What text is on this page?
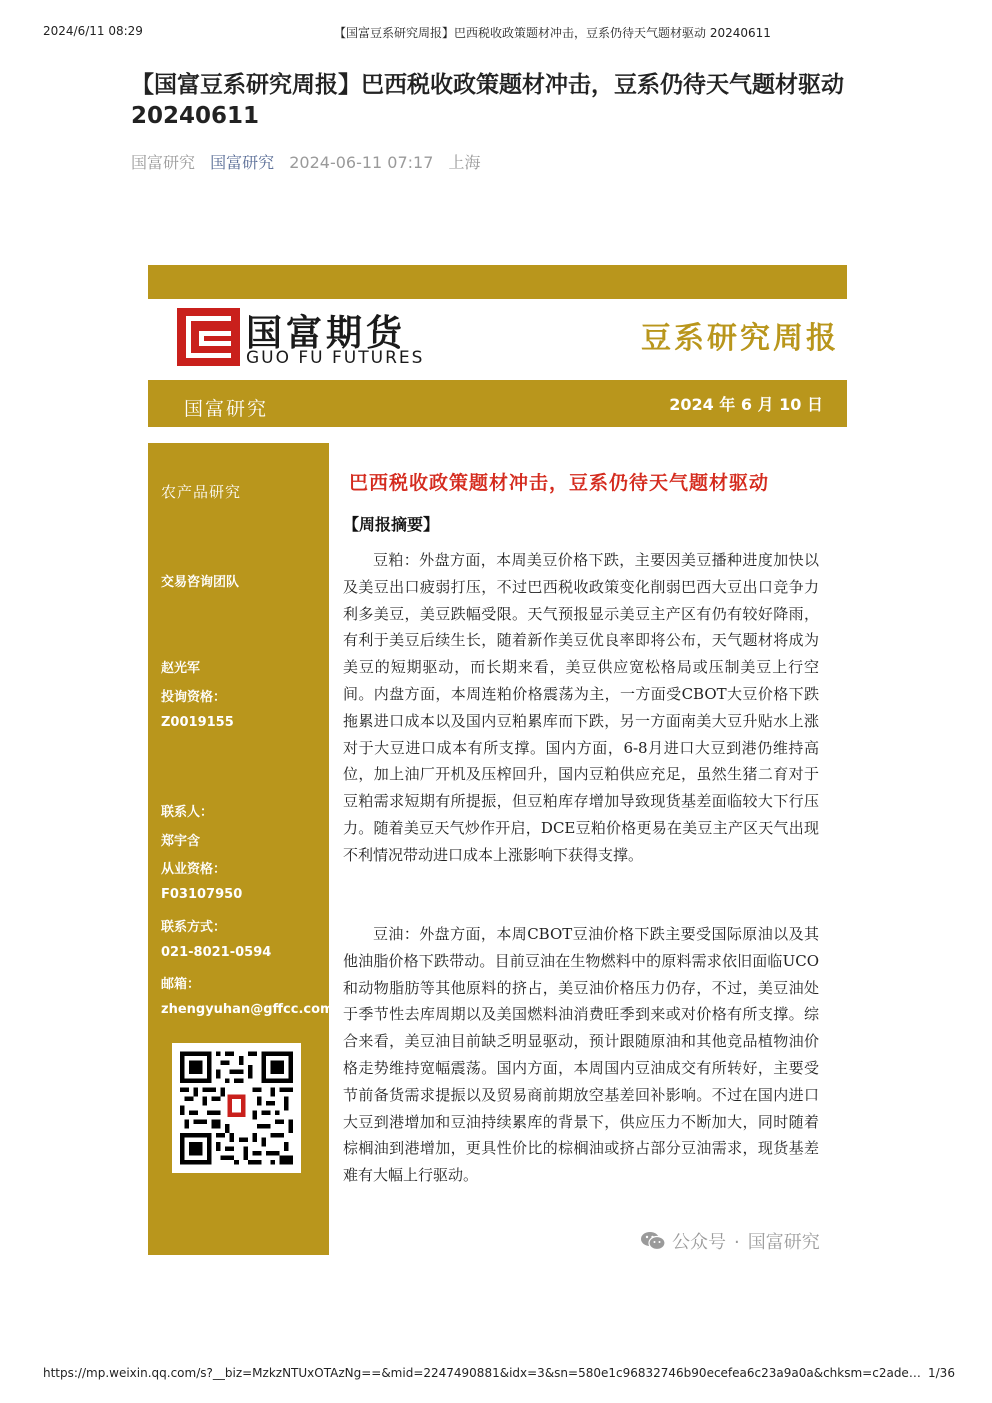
2024/6/11 08:29	【国富豆系研究周报】巴西税收政策题材冲击，豆系仍待天气题材驱动 20240611
【国富豆系研究周报】巴西税收政策题材冲击，豆系仍待天气题材驱动 20240611
国富研究 国富研究 2024-06-11 07:17 上海
国富期货
GUO FU FUTURES
豆系研究周报
国富研究	2024 年 6 月 10 日
农产品研究
交易咨询团队
赵光军
投询资格：
Z0019155
联系人：
郑宇含
从业资格：
F03107950
联系方式：
021-8021-0594
邮箱：
zhengyuhan@gffcc.com
巴西税收政策题材冲击，豆系仍待天气题材驱动
【周报摘要】

豆粕：外盘方面，本周美豆价格下跌，主要因美豆播种进度加快以及美豆出口疲弱打压，不过巴西税收政策变化削弱巴西大豆出口竞争力利多美豆，美豆跌幅受限。天气预报显示美豆主产区有仍有较好降雨，有利于美豆后续生长，随着新作美豆优良率即将公布，天气题材将成为美豆的短期驱动，而长期来看，美豆供应宽松格局或压制美豆上行空间。内盘方面，本周连粕价格震荡为主，一方面受CBOT大豆价格下跌拖累进口成本以及国内豆粕累库而下跌，另一方面南美大豆升贴水上涨对于大豆进口成本有所支撑。国内方面，6-8月进口大豆到港仍维持高位，加上油厂开机及压榨回升，国内豆粕供应充足，虽然生猪二育对于豆粕需求短期有所提振，但豆粕库存增加导致现货基差面临较大下行压力。随着美豆天气炒作开启，DCE豆粕价格更易在美豆主产区天气出现不利情况带动进口成本上涨影响下获得支撑。

豆油：外盘方面，本周CBOT豆油价格下跌主要受国际原油以及其他油脂价格下跌带动。目前豆油在生物燃料中的原料需求依旧面临UCO和动物脂肪等其他原料的挤占，美豆油价格压力仍存，不过，美豆油处于季节性去库周期以及美国燃料油消费旺季到来或对价格有所支撑。综合来看，美豆油目前缺乏明显驱动，预计跟随原油和其他竞品植物油价格走势维持宽幅震荡。国内方面，本周国内豆油成交有所转好，主要受节前备货需求提振以及贸易商前期放空基差回补影响。不过在国内进口大豆到港增加和豆油持续累库的背景下，供应压力不断加大，同时随着棕榈油到港增加，更具性价比的棕榈油或挤占部分豆油需求，现货基差难有大幅上行驱动。

公众号 · 国富研究
https://mp.weixin.qq.com/s?__biz=MzkzNTUxOTAzNg==&mid=2247490881&idx=3&sn=580e1c96832746b90ecefea6c23a9a0a&chksm=c2ade… 1/36
